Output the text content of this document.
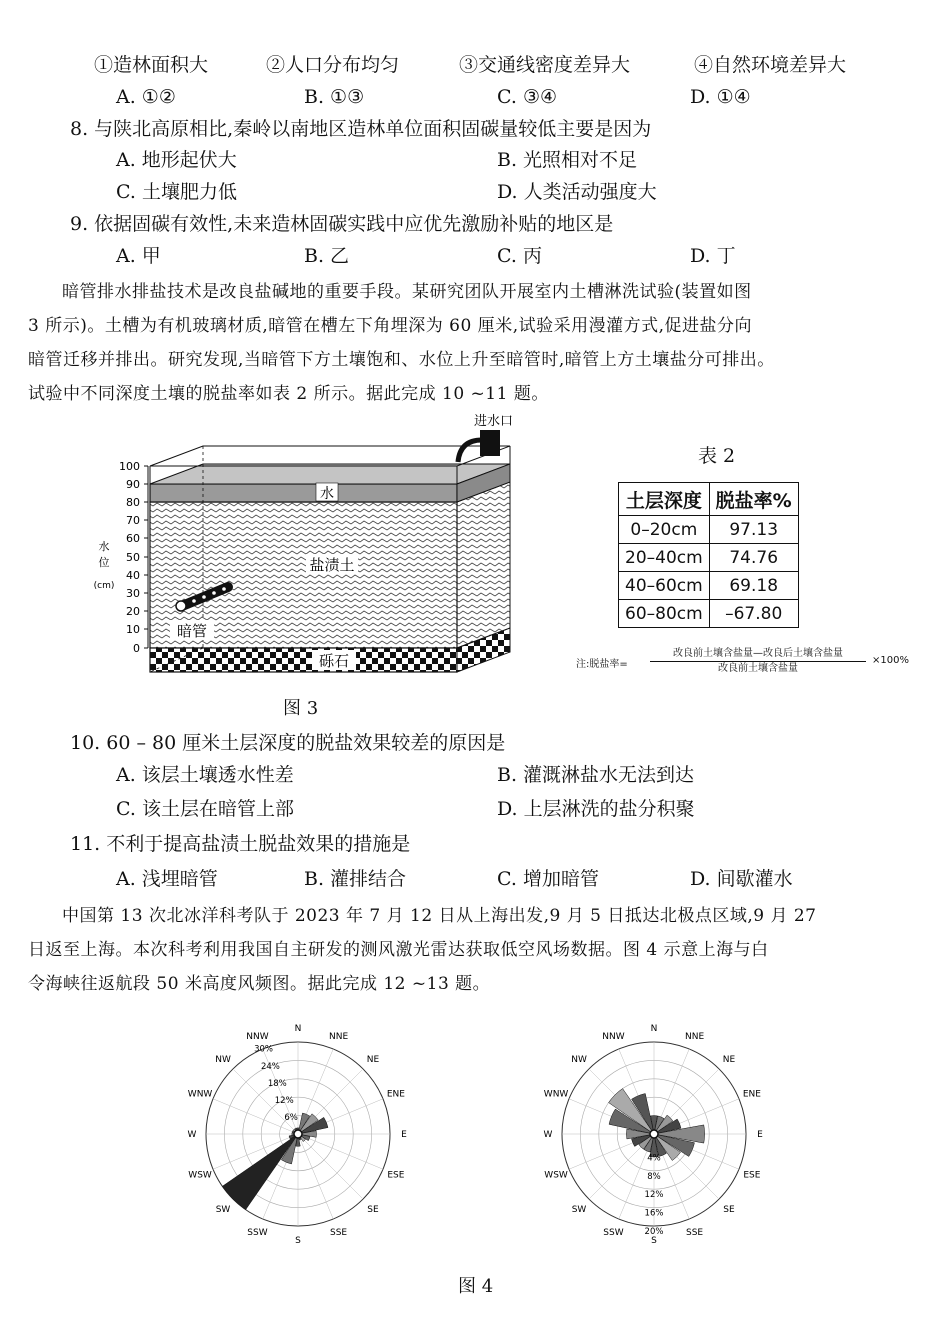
①造林面积大	②人口分布均匀	③交通线密度差异大	④自然环境差异大
A. ①②	B. ①③	C. ③④	D. ①④
8. 与陕北高原相比,秦岭以南地区造林单位面积固碳量较低主要是因为
A. 地形起伏大	B. 光照相对不足
C. 土壤肥力低	D. 人类活动强度大
9. 依据固碳有效性,未来造林固碳实践中应优先激励补贴的地区是
A. 甲	B. 乙	C. 丙	D. 丁
暗管排水排盐技术是改良盐碱地的重要手段。某研究团队开展室内土槽淋洗试验(装置如图
3 所示)。土槽为有机玻璃材质,暗管在槽左下角埋深为 60 厘米,试验采用漫灌方式,促进盐分向
暗管迁移并排出。研究发现,当暗管下方土壤饱和、水位上升至暗管时,暗管上方土壤盐分可排出。
试验中不同深度土壤的脱盐率如表 2 所示。据此完成 10 ~11 题。
100
90
80
70
60
50
40
30
20
10
0
水
位
(cm)
进水口
水
盐渍土
砾石
暗管
图 3
表 2
土层深度	脱盐率%
0–20cm	97.13
20–40cm	74.76
40–60cm	69.18
60–80cm	–67.80
注:脱盐率=
改良前土壤含盐量—改良后土壤含盐量
改良前土壤含盐量
×100%
10. 60 – 80 厘米土层深度的脱盐效果较差的原因是
A. 该层土壤透水性差	B. 灌溉淋盐水无法到达
C. 该土层在暗管上部	D. 上层淋洗的盐分积聚
11. 不利于提高盐渍土脱盐效果的措施是
A. 浅埋暗管	B. 灌排结合	C. 增加暗管	D. 间歇灌水
中国第 13 次北冰洋科考队于 2023 年 7 月 12 日从上海出发,9 月 5 日抵达北极点区域,9 月 27
日返至上海。本次科考利用我国自主研发的测风激光雷达获取低空风场数据。图 4 示意上海与白
令海峡往返航段 50 米高度风频图。据此完成 12 ~13 题。
N
NNE
NE
ENE
E
ESE
SE
SSE
S
SSW
SW
WSW
W
WNW
NW
NNW
6%
12%
18%
24%
30%
N
NNE
NE
ENE
E
ESE
SE
SSE
S
SSW
SW
WSW
W
WNW
NW
NNW
4%
8%
12%
16%
20%
图 4
